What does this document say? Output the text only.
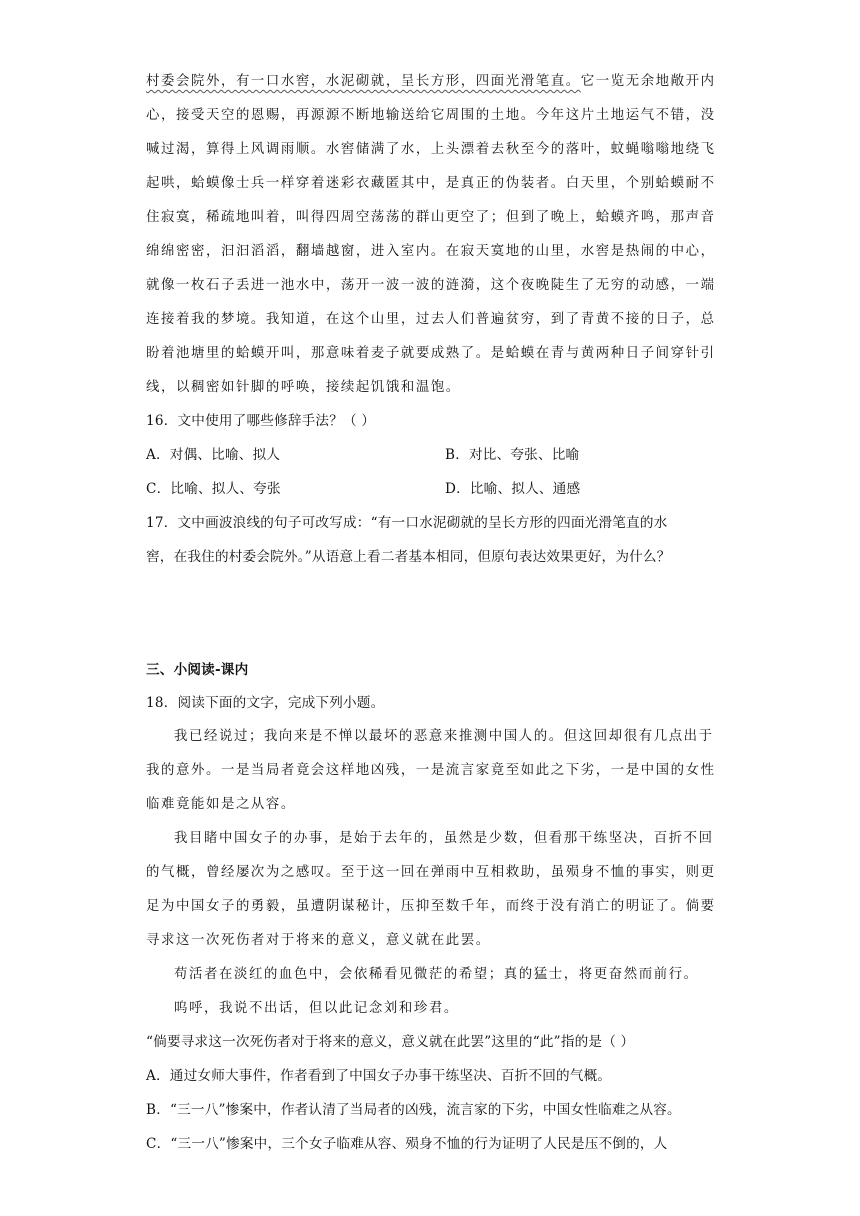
村委会院外，有一口水窖，水泥砌就，呈长方形，四面光滑笔直。它一览无余地敞开内
心，接受天空的恩赐，再源源不断地输送给它周围的土地。今年这片土地运气不错，没
喊过渴，算得上风调雨顺。水窖储满了水，上头漂着去秋至今的落叶，蚊蝇嗡嗡地绕飞
起哄，蛤蟆像士兵一样穿着迷彩衣藏匿其中，是真正的伪装者。白天里，个别蛤蟆耐不
住寂寞，稀疏地叫着，叫得四周空荡荡的群山更空了；但到了晚上，蛤蟆齐鸣，那声音
绵绵密密，汩汩滔滔，翻墙越窗，进入室内。在寂天寞地的山里，水窖是热闹的中心，
就像一枚石子丢进一池水中，荡开一波一波的涟漪，这个夜晚陡生了无穷的动感，一端
连接着我的梦境。我知道，在这个山里，过去人们普遍贫穷，到了青黄不接的日子，总
盼着池塘里的蛤蟆开叫，那意味着麦子就要成熟了。是蛤蟆在青与黄两种日子间穿针引
线，以稠密如针脚的呼唤，接续起饥饿和温饱。
16．文中使用了哪些修辞手法？（ ）
A．对偶、比喻、拟人	B．对比、夸张、比喻
C．比喻、拟人、夸张	D．比喻、拟人、通感
17．文中画波浪线的句子可改写成：“有一口水泥砌就的呈长方形的四面光滑笔直的水
窖，在我住的村委会院外。”从语意上看二者基本相同，但原句表达效果更好，为什么？
三、小阅读-课内
18．阅读下面的文字，完成下列小题。
我已经说过；我向来是不惮以最坏的恶意来推测中国人的。但这回却很有几点出于
我的意外。一是当局者竟会这样地凶残，一是流言家竟至如此之下劣，一是中国的女性
临难竟能如是之从容。
我目睹中国女子的办事，是始于去年的，虽然是少数，但看那干练坚决，百折不回
的气概，曾经屡次为之感叹。至于这一回在弹雨中互相救助，虽殒身不恤的事实，则更
足为中国女子的勇毅，虽遭阴谋秘计，压抑至数千年，而终于没有消亡的明证了。倘要
寻求这一次死伤者对于将来的意义，意义就在此罢。
苟活者在淡红的血色中，会依稀看见微茫的希望；真的猛士，将更奋然而前行。
呜呼，我说不出话，但以此记念刘和珍君。
“倘要寻求这一次死伤者对于将来的意义，意义就在此罢”这里的“此”指的是（ ）
A．通过女师大事件，作者看到了中国女子办事干练坚决、百折不回的气概。
B．“三一八”惨案中，作者认清了当局者的凶残，流言家的下劣，中国女性临难之从容。
C．“三一八”惨案中，三个女子临难从容、殒身不恤的行为证明了人民是压不倒的，人
